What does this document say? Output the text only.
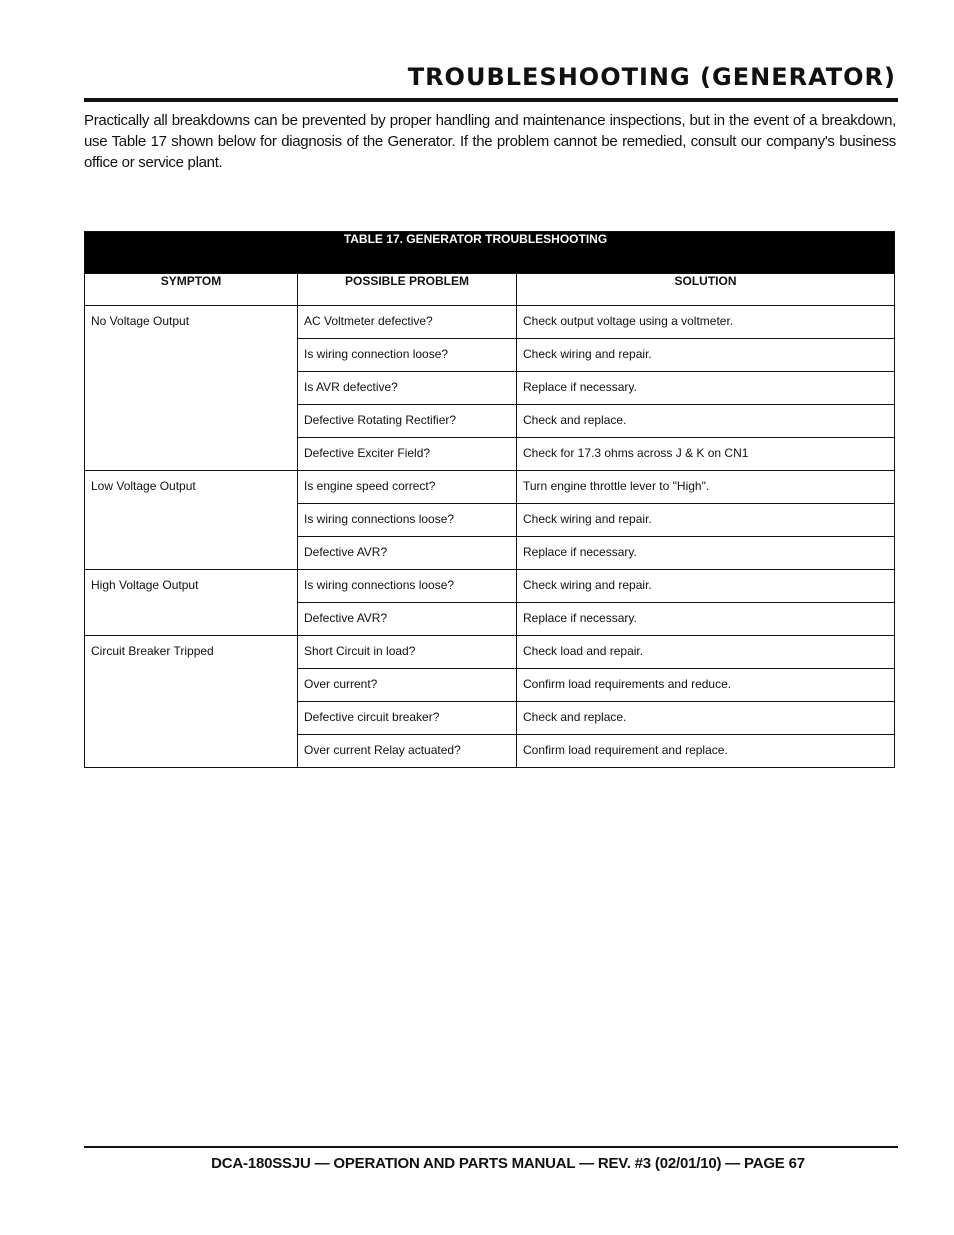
TROUBLESHOOTING (GENERATOR)

Practically all breakdowns can be prevented by proper handling and maintenance inspections, but in the event of a breakdown, use Table 17 shown below for diagnosis of the Generator. If the problem cannot be remedied, consult our company's business office or service plant.

TABLE 17. GENERATOR TROUBLESHOOTING		
SYMPTOM	POSSIBLE PROBLEM	SOLUTION
No Voltage Output	AC Voltmeter defective?	Check output voltage using a voltmeter.
	Is wiring connection loose?	Check wiring and repair.
	Is AVR defective?	Replace if necessary.
	Defective Rotating Rectifier?	Check and replace.
	Defective Exciter Field?	Check for 17.3 ohms across J & K on CN1
Low Voltage Output	Is engine speed correct?	Turn engine throttle lever to "High".
	Is wiring connections loose?	Check wiring and repair.
	Defective AVR?	Replace if necessary.
High Voltage Output	Is wiring connections loose?	Check wiring and repair.
	Defective AVR?	Replace if necessary.
Circuit Breaker Tripped	Short Circuit in load?	Check load and repair.
	Over current?	Confirm load requirements and reduce.
	Defective circuit breaker?	Check and replace.
	Over current Relay actuated?	Confirm load requirement and replace.
DCA-180SSJU — OPERATION AND PARTS MANUAL — REV. #3 (02/01/10) — PAGE 67
